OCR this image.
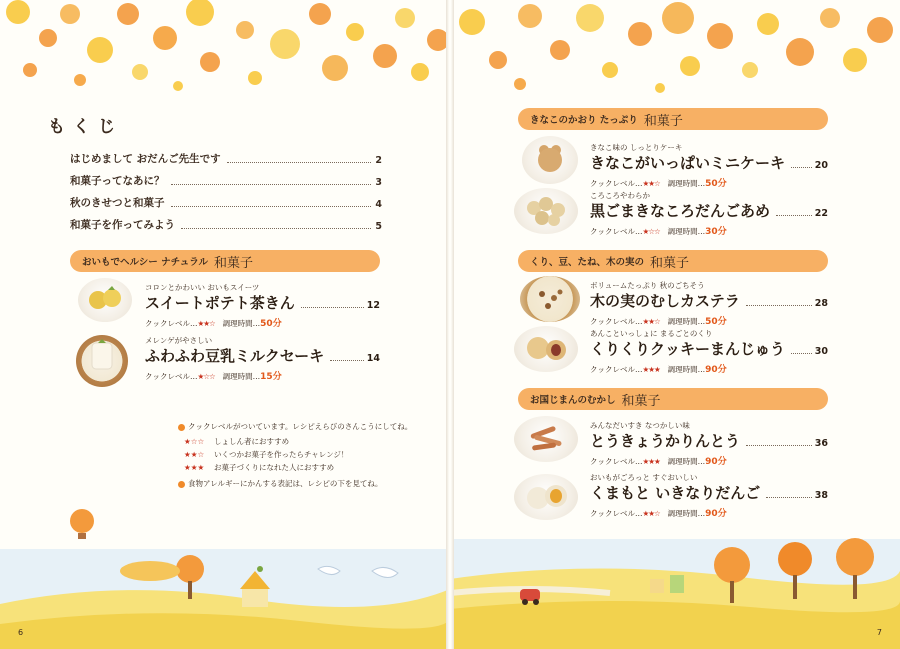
もくじ
はじめまして おだんご先生です	2
和菓子ってなあに？	3
秋のきせつと和菓子	4
和菓子を作ってみよう	5
おいもでヘルシー ナチュラル 和菓子
コロンとかわいい おいもスイーツ
スイートポテト茶きん	12
クックレベル…★★☆ 調理時間…50分
メレンゲがやさしい
ふわふわ豆乳ミルクセーキ	14
クックレベル…★☆☆ 調理時間…15分
クックレベルがついています。レシピえらびのさんこうにしてね。
★☆☆ しょしん者におすすめ
★★☆ いくつかお菓子を作ったらチャレンジ！
★★★ お菓子づくりになれた人におすすめ
食物アレルギーにかんする表記は、レシピの下を見てね。
6
きなこのかおり たっぷり 和菓子
きなこ味の しっとりケーキ
きなこがいっぱいミニケーキ	20
クックレベル…★★☆ 調理時間…50分
ころころやわらか
黒ごまきなころだんごあめ	22
クックレベル…★☆☆ 調理時間…30分
くり、豆、たね、木の実の 和菓子
ボリュームたっぷり 秋のごちそう
木の実のむしカステラ	28
クックレベル…★★☆ 調理時間…50分
あんこといっしょに まるごとのくり
くりくりクッキーまんじゅう	30
クックレベル…★★★ 調理時間…90分
お国じまんのむかし 和菓子
みんなだいすき なつかしい味
とうきょうかりんとう	36
クックレベル…★★★ 調理時間…90分
おいもがごろっと すぐおいしい
くまもと いきなりだんご	38
クックレベル…★★☆ 調理時間…90分
7
